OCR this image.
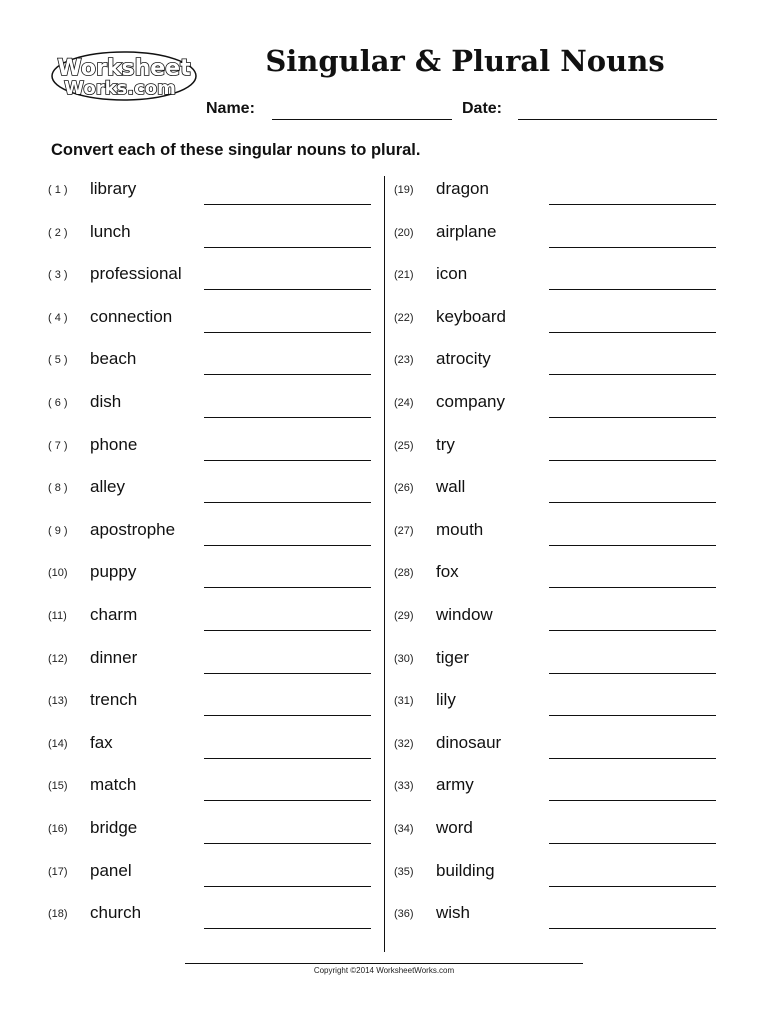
Worksheet
Works.com
Singular & Plural Nouns
Name:	Date:
Convert each of these singular nouns to plural.
( 1 )	library
( 2 )	lunch
( 3 )	professional
( 4 )	connection
( 5 )	beach
( 6 )	dish
( 7 )	phone
( 8 )	alley
( 9 )	apostrophe
(10)	puppy
(11)	charm
(12)	dinner
(13)	trench
(14)	fax
(15)	match
(16)	bridge
(17)	panel
(18)	church
(19)	dragon
(20)	airplane
(21)	icon
(22)	keyboard
(23)	atrocity
(24)	company
(25)	try
(26)	wall
(27)	mouth
(28)	fox
(29)	window
(30)	tiger
(31)	lily
(32)	dinosaur
(33)	army
(34)	word
(35)	building
(36)	wish
Copyright ©2014 WorksheetWorks.com
